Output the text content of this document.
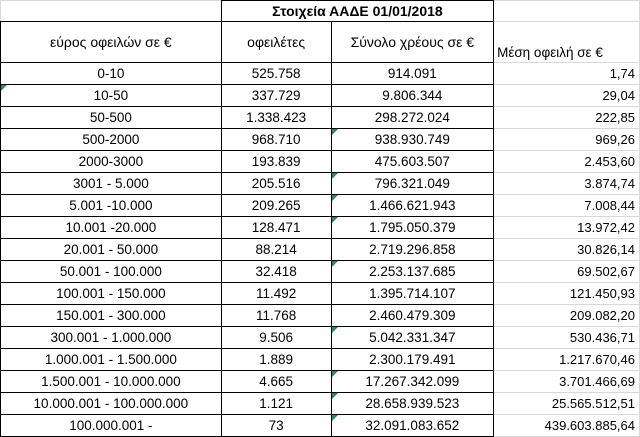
	Στοιχεία ΑΑΔΕ 01/01/2018		
εύρος οφειλών σε €	οφειλέτες	Σύνολο χρέους σε €	Μέση οφειλή σε €
0-10	525.758	914.091	1,74
10-50	337.729	9.806.344	29,04
50-500	1.338.423	298.272.024	222,85
500-2000	968.710	938.930.749	969,26
2000-3000	193.839	475.603.507	2.453,60
3001 - 5.000	205.516	796.321.049	3.874,74
5.001 -10.000	209.265	1.466.621.943	7.008,44
10.001 -20.000	128.471	1.795.050.379	13.972,42
20.001 - 50.000	88.214	2.719.296.858	30.826,14
50.001 - 100.000	32.418	2.253.137.685	69.502,67
100.001 - 150.000	11.492	1.395.714.107	121.450,93
150.001 - 300.000	11.768	2.460.479.309	209.082,20
300.001 - 1.000.000	9.506	5.042.331.347	530.436,71
1.000.001 - 1.500.000	1.889	2.300.179.491	1.217.670,46
1.500.001 - 10.000.000	4.665	17.267.342.099	3.701.466,69
10.000.001 - 100.000.000	1.121	28.658.939.523	25.565.512,51
100.000.001 -	73	32.091.083.652	439.603.885,64
